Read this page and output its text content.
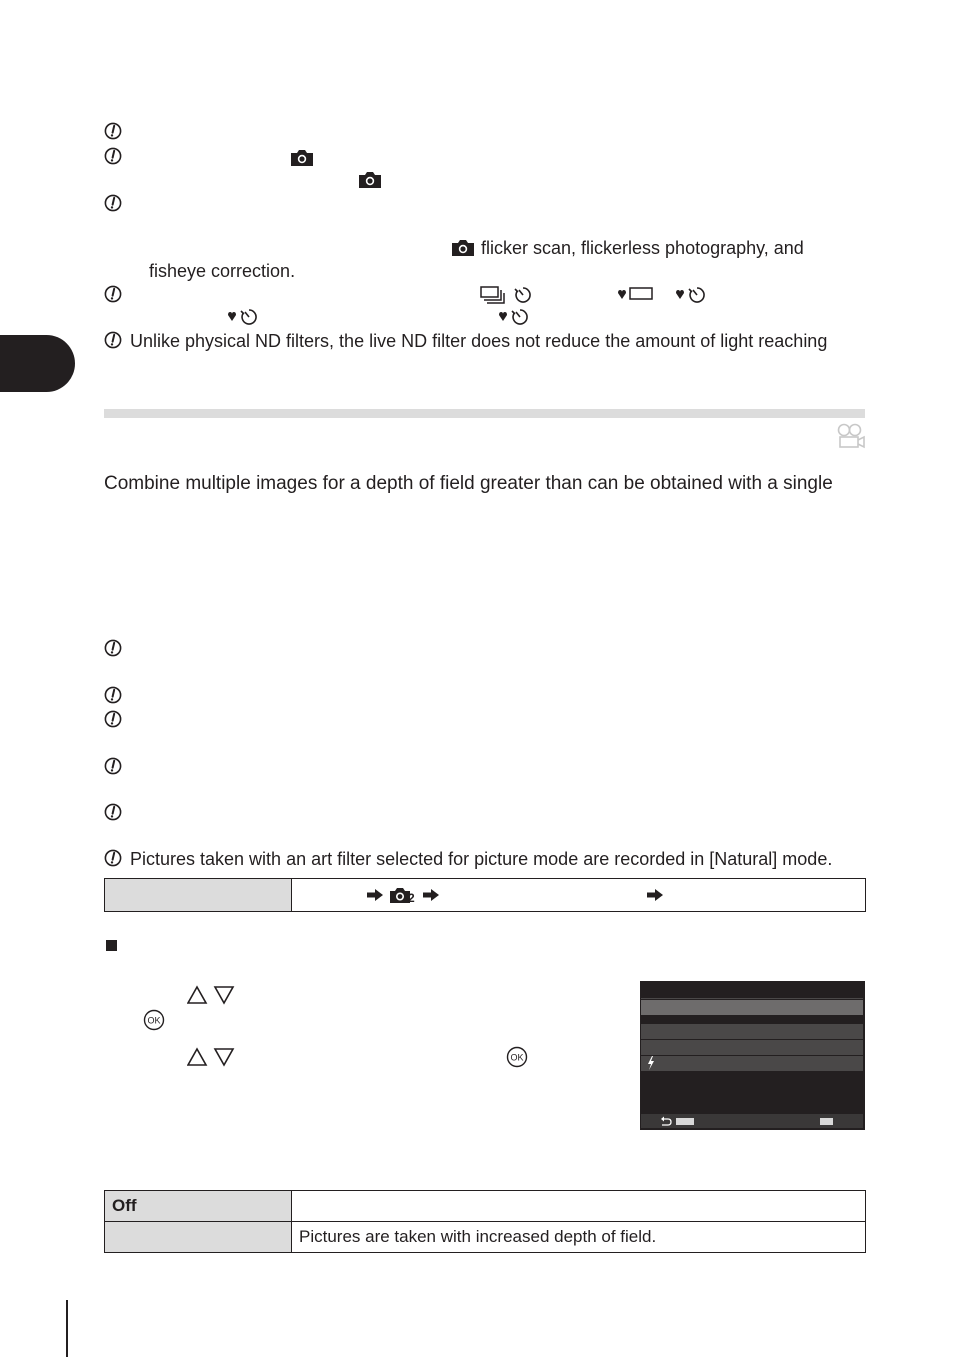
flicker scan, flickerless photography, and
fisheye correction.
Unlike physical ND filters, the live ND filter does not reduce the amount of light reaching
Combine multiple images for a depth of field greater than can be obtained with a single
Pictures taken with an art filter selected for picture mode are recorded in [Natural] mode.

2
OK
OK
Off	
	Pictures are taken with increased depth of field.
